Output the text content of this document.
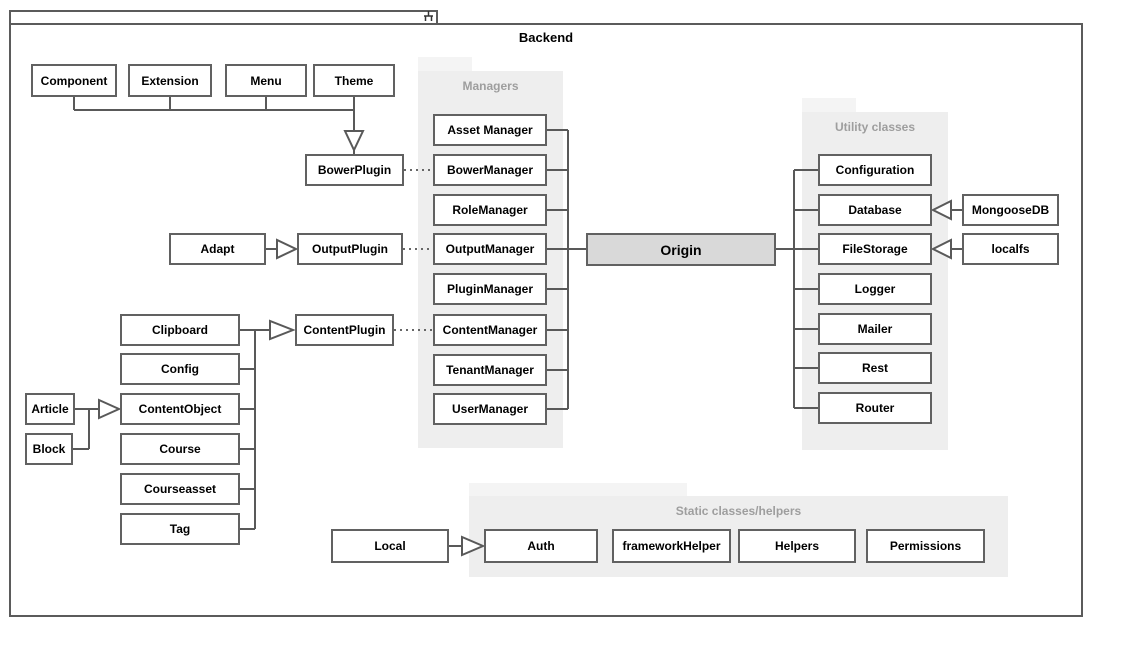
Backend
Managers
Utility classes
Static classes/helpers
Component	Extension	Menu	Theme
BowerPlugin
Adapt	OutputPlugin
ContentPlugin
Clipboard
Config
ContentObject
Course
Courseasset
Tag
Article
Block
Asset Manager
BowerManager
RoleManager
OutputManager
PluginManager
ContentManager
TenantManager
UserManager
Origin
Configuration
Database
FileStorage
Logger
Mailer
Rest
Router
MongooseDB
localfs
Local	Auth	frameworkHelper	Helpers	Permissions
